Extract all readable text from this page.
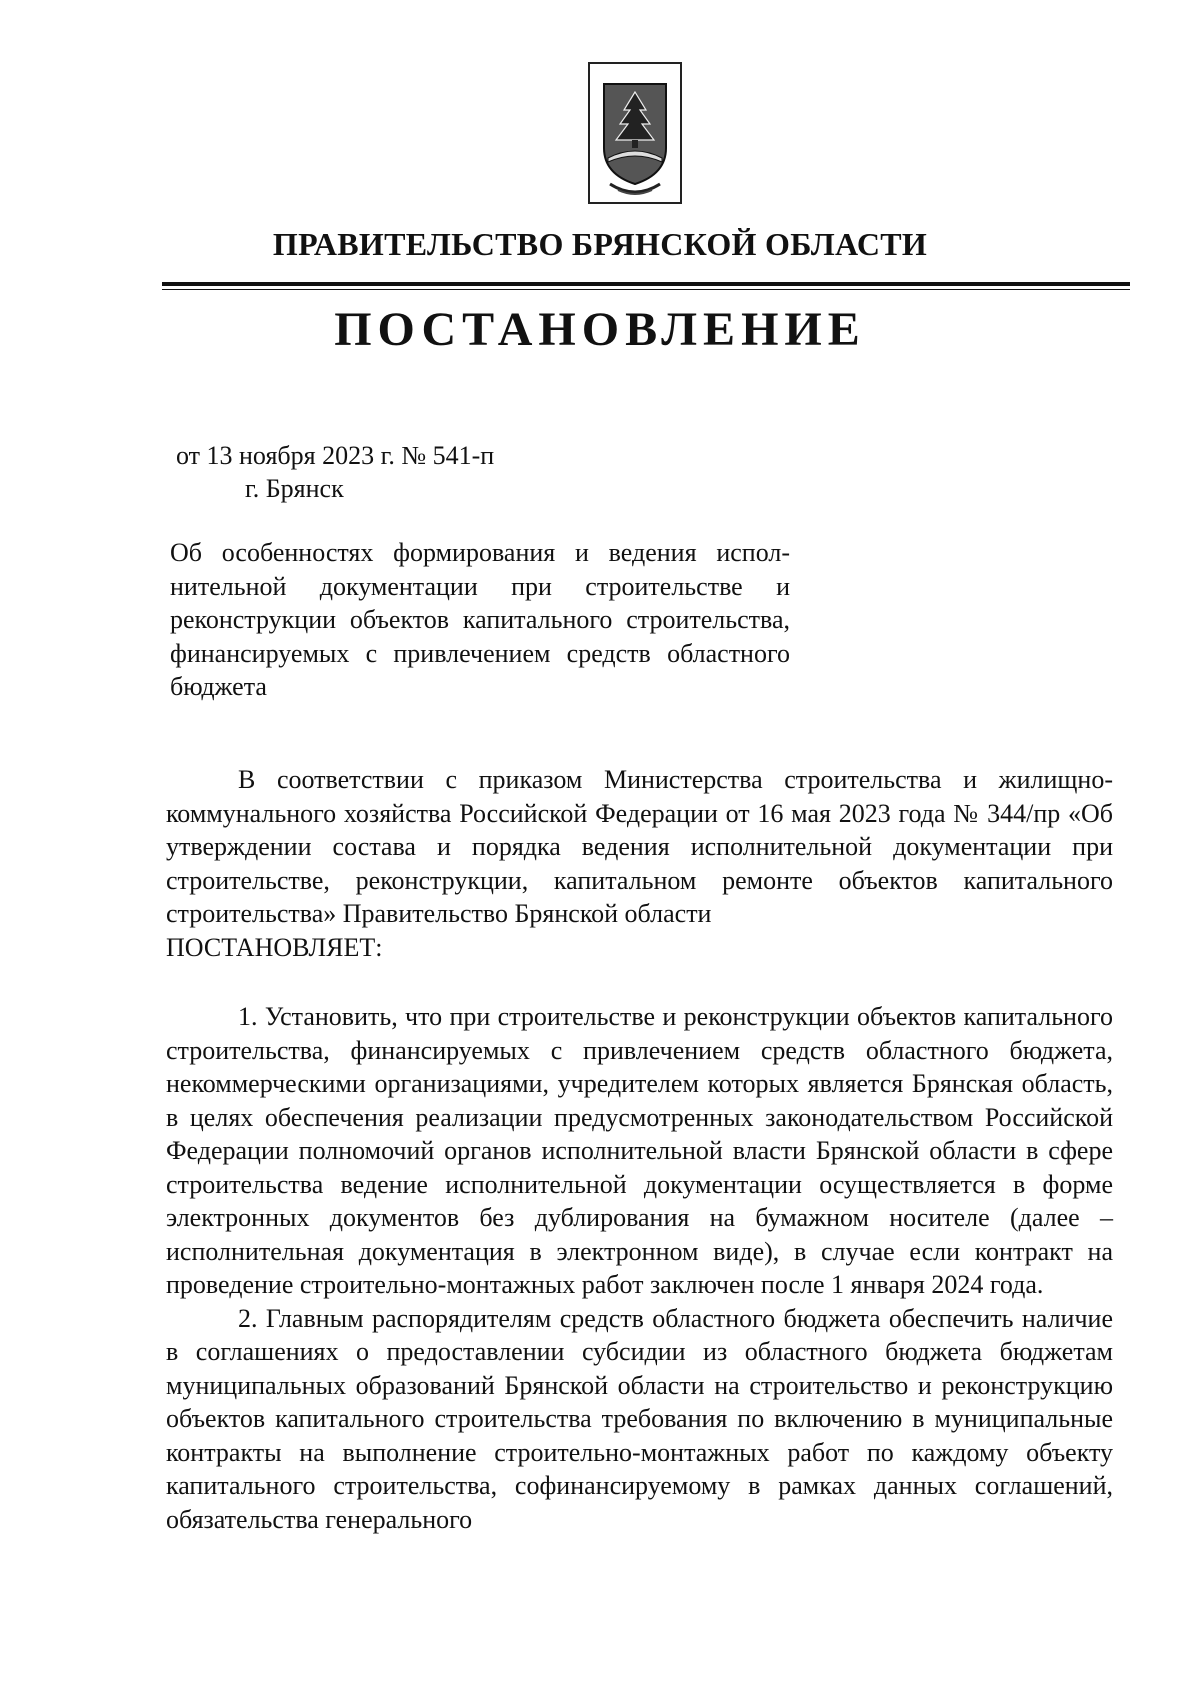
ПРАВИТЕЛЬСТВО БРЯНСКОЙ ОБЛАСТИ
ПОСТАНОВЛЕНИЕ
от 13 ноября 2023 г. № 541-п
г. Брянск
Об особенностях формирования и ведения исполнительной документации при строительстве и реконструкции объектов капитального строительства, финансируемых с привлечением средств областного бюджета

В соответствии с приказом Министерства строительства и жилищно-коммунального хозяйства Российской Федерации от 16 мая 2023 года № 344/пр «Об утверждении состава и порядка ведения исполнительной документации при строительстве, реконструкции, капитальном ремонте объектов капитального строительства» Правительство Брянской области

ПОСТАНОВЛЯЕТ:

1. Установить, что при строительстве и реконструкции объектов капитального строительства, финансируемых с привлечением средств областного бюджета, некоммерческими организациями, учредителем которых является Брянская область, в целях обеспечения реализации предусмотренных законодательством Российской Федерации полномочий органов исполнительной власти Брянской области в сфере строительства ведение исполнительной документации осуществляется в форме электронных документов без дублирования на бумажном носителе (далее – исполнительная документация в электронном виде), в случае если контракт на проведение строительно-монтажных работ заключен после 1 января 2024 года.

2. Главным распорядителям средств областного бюджета обеспечить наличие в соглашениях о предоставлении субсидии из областного бюджета бюджетам муниципальных образований Брянской области на строительство и реконструкцию объектов капитального строительства требования по включению в муниципальные контракты на выполнение строительно-монтажных работ по каждому объекту капитального строительства, софинансируемому в рамках данных соглашений, обязательства генерального
